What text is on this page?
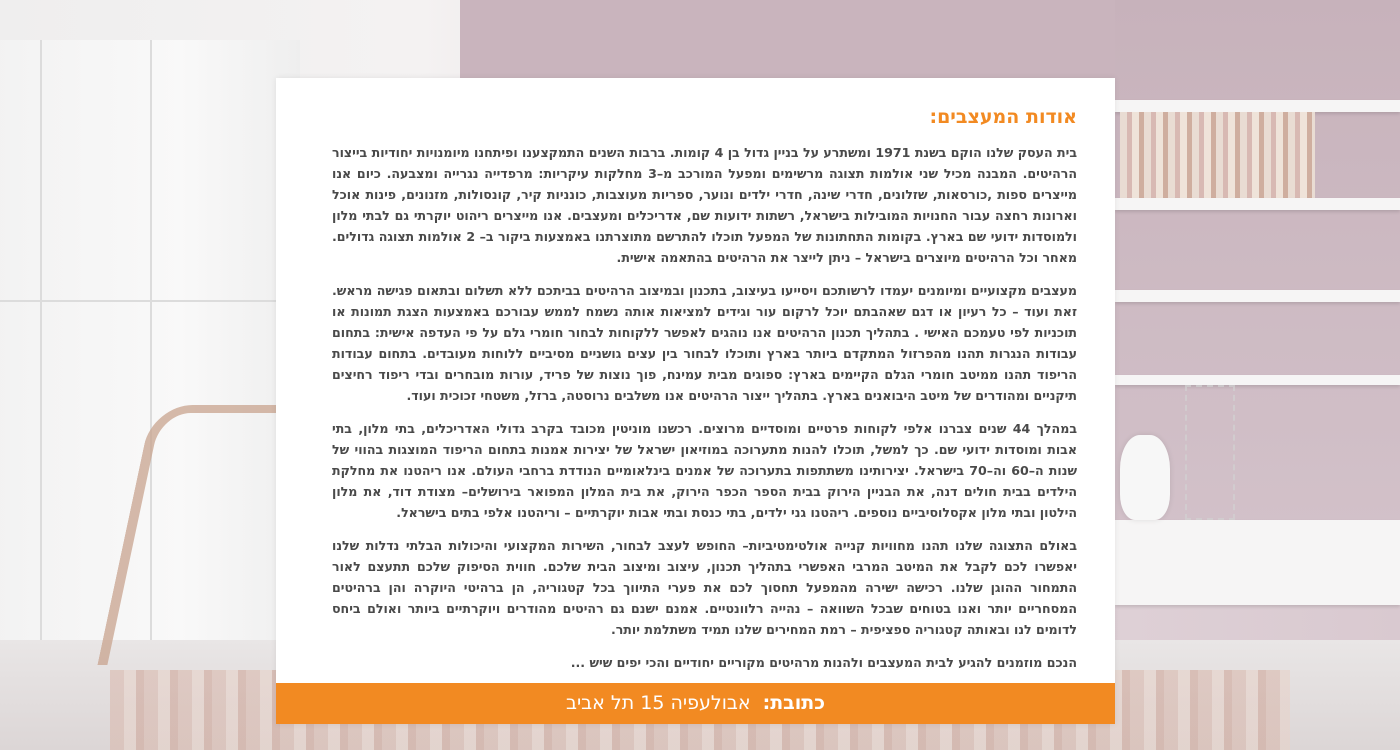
אודות המעצבים:

בית העסק שלנו הוקם בשנת 1971 ומשתרע על בניין גדול בן 4 קומות. ברבות השנים התמקצענו ופיתחנו מיומנויות יחודיות בייצור הרהיטים. המבנה מכיל שני אולמות תצוגה מרשימים ומפעל המורכב מ–3 מחלקות עיקריות: מרפדייה נגרייה ומצבעה. כיום אנו מייצרים ספות ,כורסאות, שזלונים, חדרי שינה, חדרי ילדים ונוער, ספריות מעוצבות, כונניות קיר, קונסולות, מזנונים, פינות אוכל וארונות רחצה עבור החנויות המובילות בישראל, רשתות ידועות שם, אדריכלים ומעצבים. אנו מייצרים ריהוט יוקרתי גם לבתי מלון ולמוסדות ידועי שם בארץ. בקומות התחתונות של המפעל תוכלו להתרשם מתוצרתנו באמצעות ביקור ב– 2 אולמות תצוגה גדולים. מאחר וכל הרהיטים מיוצרים בישראל – ניתן לייצר את הרהיטים בהתאמה אישית.

מעצבים מקצועיים ומיומנים יעמדו לרשותכם ויסייעו בעיצוב, בתכנון ובמיצוב הרהיטים בביתכם ללא תשלום ובתאום פגישה מראש. זאת ועוד – כל רעיון או דגם שאהבתם יוכל לרקום עור וגידים למציאות אותה נשמח לממש עבורכם באמצעות הצגת תמונות או תוכניות לפי טעמכם האישי . בתהליך תכנון הרהיטים אנו נוהגים לאפשר ללקוחות לבחור חומרי גלם על פי העדפה אישית: בתחום עבודות הנגרות תהנו מהפרזול המתקדם ביותר בארץ ותוכלו לבחור בין עצים גושניים מסיביים ללוחות מעובדים. בתחום עבודות הריפוד תהנו ממיטב חומרי הגלם הקיימים בארץ: ספוגים מבית עמינח, פוך נוצות של פריד, עורות מובחרים ובדי ריפוד רחיצים תיקניים ומהודרים של מיטב היבואנים בארץ. בתהליך ייצור הרהיטים אנו משלבים נרוסטה, ברזל, משטחי זכוכית ועוד.

במהלך 44 שנים צברנו אלפי לקוחות פרטיים ומוסדיים מרוצים. רכשנו מוניטין מכובד בקרב גדולי האדריכלים, בתי מלון, בתי אבות ומוסדות ידועי שם. כך למשל, תוכלו להנות מתערוכה במוזיאון ישראל של יצירות אמנות בתחום הריפוד המוצגות בהווי של שנות ה–60 וה–70 בישראל. יצירותינו משתתפות בתערוכה של אמנים בינלאומיים הנודדת ברחבי העולם. אנו ריהטנו את מחלקת הילדים בבית חולים דנה, את הבניין הירוק בבית הספר הכפר הירוק, את בית המלון המפואר בירושלים– מצודת דוד, את מלון הילטון ובתי מלון אקסלוסיביים נוספים. ריהטנו גני ילדים, בתי כנסת ובתי אבות יוקרתיים – וריהטנו אלפי בתים בישראל.

באולם התצוגה שלנו תהנו מחוויות קנייה אולטימטיביות– החופש לעצב לבחור, השירות המקצועי והיכולות הבלתי נדלות שלנו יאפשרו לכם לקבל את המיטב המרבי האפשרי בתהליך תכנון, עיצוב ומיצוב הבית שלכם. חווית הסיפוק שלכם תתעצם לאור התמחור ההוגן שלנו. רכישה ישירה מהמפעל תחסוך לכם את פערי התיווך בכל קטגוריה, הן ברהיטי היוקרה והן ברהיטים המסחריים יותר ואנו בטוחים שבכל השוואה – נהייה רלוונטיים. אמנם ישנם גם רהיטים מהודרים ויוקרתיים ביותר ואולם ביחס לדומים לנו ובאותה קטגוריה ספציפית – רמת המחירים שלנו תמיד משתלמת יותר.

הנכם מוזמנים להגיע לבית המעצבים ולהנות מרהיטים מקוריים יחודיים והכי יפים שיש ...

כתובת: אבולעפיה 15 תל אביב
